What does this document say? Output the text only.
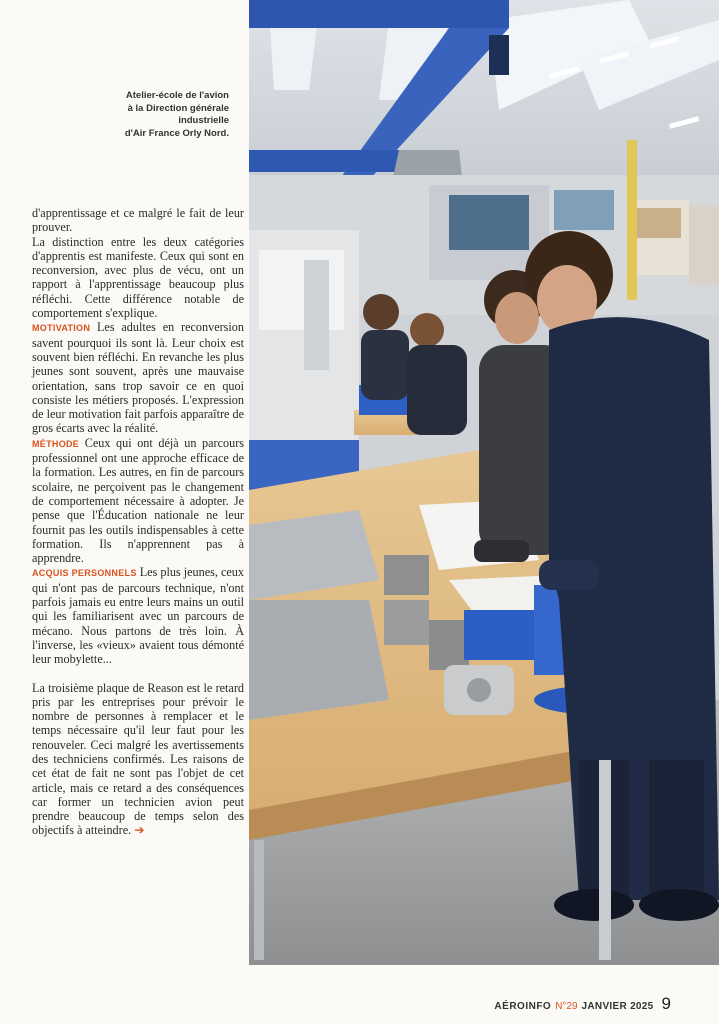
Atelier-école de l'avion
à la Direction générale
industrielle
d'Air France Orly Nord.

d'apprentissage et ce malgré le fait de leur prouver.

La distinction entre les deux catégories d'apprentis est manifeste. Ceux qui sont en reconversion, avec plus de vécu, ont un rapport à l'apprentissage beaucoup plus réfléchi. Cette différence notable de comportement s'explique.

MOTIVATION Les adultes en reconversion savent pourquoi ils sont là. Leur choix est souvent bien réfléchi. En revanche les plus jeunes sont souvent, après une mauvaise orientation, sans trop savoir ce en quoi consiste les métiers proposés. L'expression de leur motivation fait parfois apparaître de gros écarts avec la réalité.

MÉTHODE Ceux qui ont déjà un parcours professionnel ont une approche efficace de la formation. Les autres, en fin de parcours scolaire, ne perçoivent pas le changement de comportement nécessaire à adopter. Je pense que l'Éducation nationale ne leur fournit pas les outils indispensables à cette formation. Ils n'apprennent pas à apprendre.

ACQUIS PERSONNELS Les plus jeunes, ceux qui n'ont pas de parcours technique, n'ont parfois jamais eu entre leurs mains un outil qui les familiarisent avec un parcours de mécano. Nous partons de très loin. À l'inverse, les «vieux» avaient tous démonté leur mobylette...

La troisième plaque de Reason est le retard pris par les entreprises pour prévoir le nombre de personnes à remplacer et le temps nécessaire qu'il leur faut pour les renouveler. Ceci malgré les avertissements des techniciens confirmés. Les raisons de cet état de fait ne sont pas l'objet de cet article, mais ce retard a des conséquences car former un technicien avion peut prendre beaucoup de temps selon des objectifs à atteindre. ➔

AÉROINFO N°29 JANVIER 2025 9
